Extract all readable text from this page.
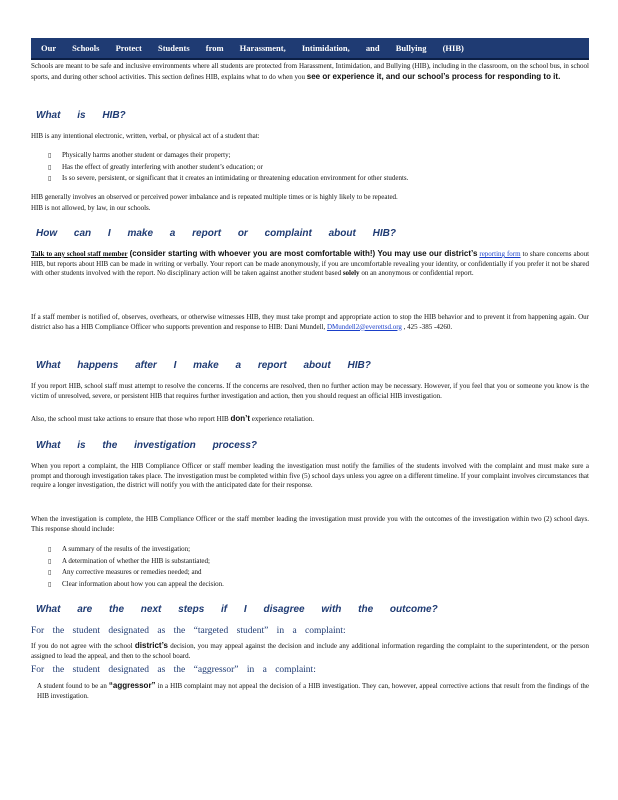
Our Schools Protect Students from Harassment, Intimidation, and Bullying (HIB)
Schools are meant to be safe and inclusive environments where all students are protected from Harassment, Intimidation, and Bullying (HIB), including in the classroom, on the school bus, in school sports, and during other school activities. This section defines HIB, explains what to do when you see or experience it, and our school’s process for responding to it.
What is HIB?
HIB is any intentional electronic, written, verbal, or physical act of a student that:
▯ Physically harms another student or damages their property;
▯ Has the effect of greatly interfering with another student’s education; or
▯ Is so severe, persistent, or significant that it creates an intimidating or threatening education environment for other students.
HIB generally involves an observed or perceived power imbalance and is repeated multiple times or is highly likely to be repeated.
HIB is not allowed, by law, in our schools.
How can I make a report or complaint about HIB?
Talk to any school staff member (consider starting with whoever you are most comfortable with!) You may use our district’s reporting form to share concerns about HIB, but reports about HIB can be made in writing or verbally. Your report can be made anonymously, if you are uncomfortable revealing your identity, or confidentially if you prefer it not be shared with other students involved with the report. No disciplinary action will be taken against another student based solely on an anonymous or confidential report.
If a staff member is notified of, observes, overhears, or otherwise witnesses HIB, they must take prompt and appropriate action to stop the HIB behavior and to prevent it from happening again. Our district also has a HIB Compliance Officer who supports prevention and response to HIB: Dani Mundell, DMundell2@everettsd.org , 425 -385 -4260.
What happens after I make a report about HIB?
If you report HIB, school staff must attempt to resolve the concerns. If the concerns are resolved, then no further action may be necessary. However, if you feel that you or someone you know is the victim of unresolved, severe, or persistent HIB that requires further investigation and action, then you should request an official HIB investigation.
Also, the school must take actions to ensure that those who report HIB don’t experience retaliation.
What is the investigation process?
When you report a complaint, the HIB Compliance Officer or staff member leading the investigation must notify the families of the students involved with the complaint and must make sure a prompt and thorough investigation takes place. The investigation must be completed within five (5) school days unless you agree on a different timeline. If your complaint involves circumstances that require a longer investigation, the district will notify you with the anticipated date for their response.
When the investigation is complete, the HIB Compliance Officer or the staff member leading the investigation must provide you with the outcomes of the investigation within two (2) school days. This response should include:
▯ A summary of the results of the investigation;
▯ A determination of whether the HIB is substantiated;
▯ Any corrective measures or remedies needed; and
▯ Clear information about how you can appeal the decision.
What are the next steps if I disagree with the outcome?
For the student designated as the “targeted student” in a complaint:
If you do not agree with the school district’s decision, you may appeal against the decision and include any additional information regarding the complaint to the superintendent, or the person assigned to lead the appeal, and then to the school board.
For the student designated as the “aggressor” in a complaint:
A student found to be an “aggressor” in a HIB complaint may not appeal the decision of a HIB investigation. They can, however, appeal corrective actions that result from the findings of the HIB investigation.
